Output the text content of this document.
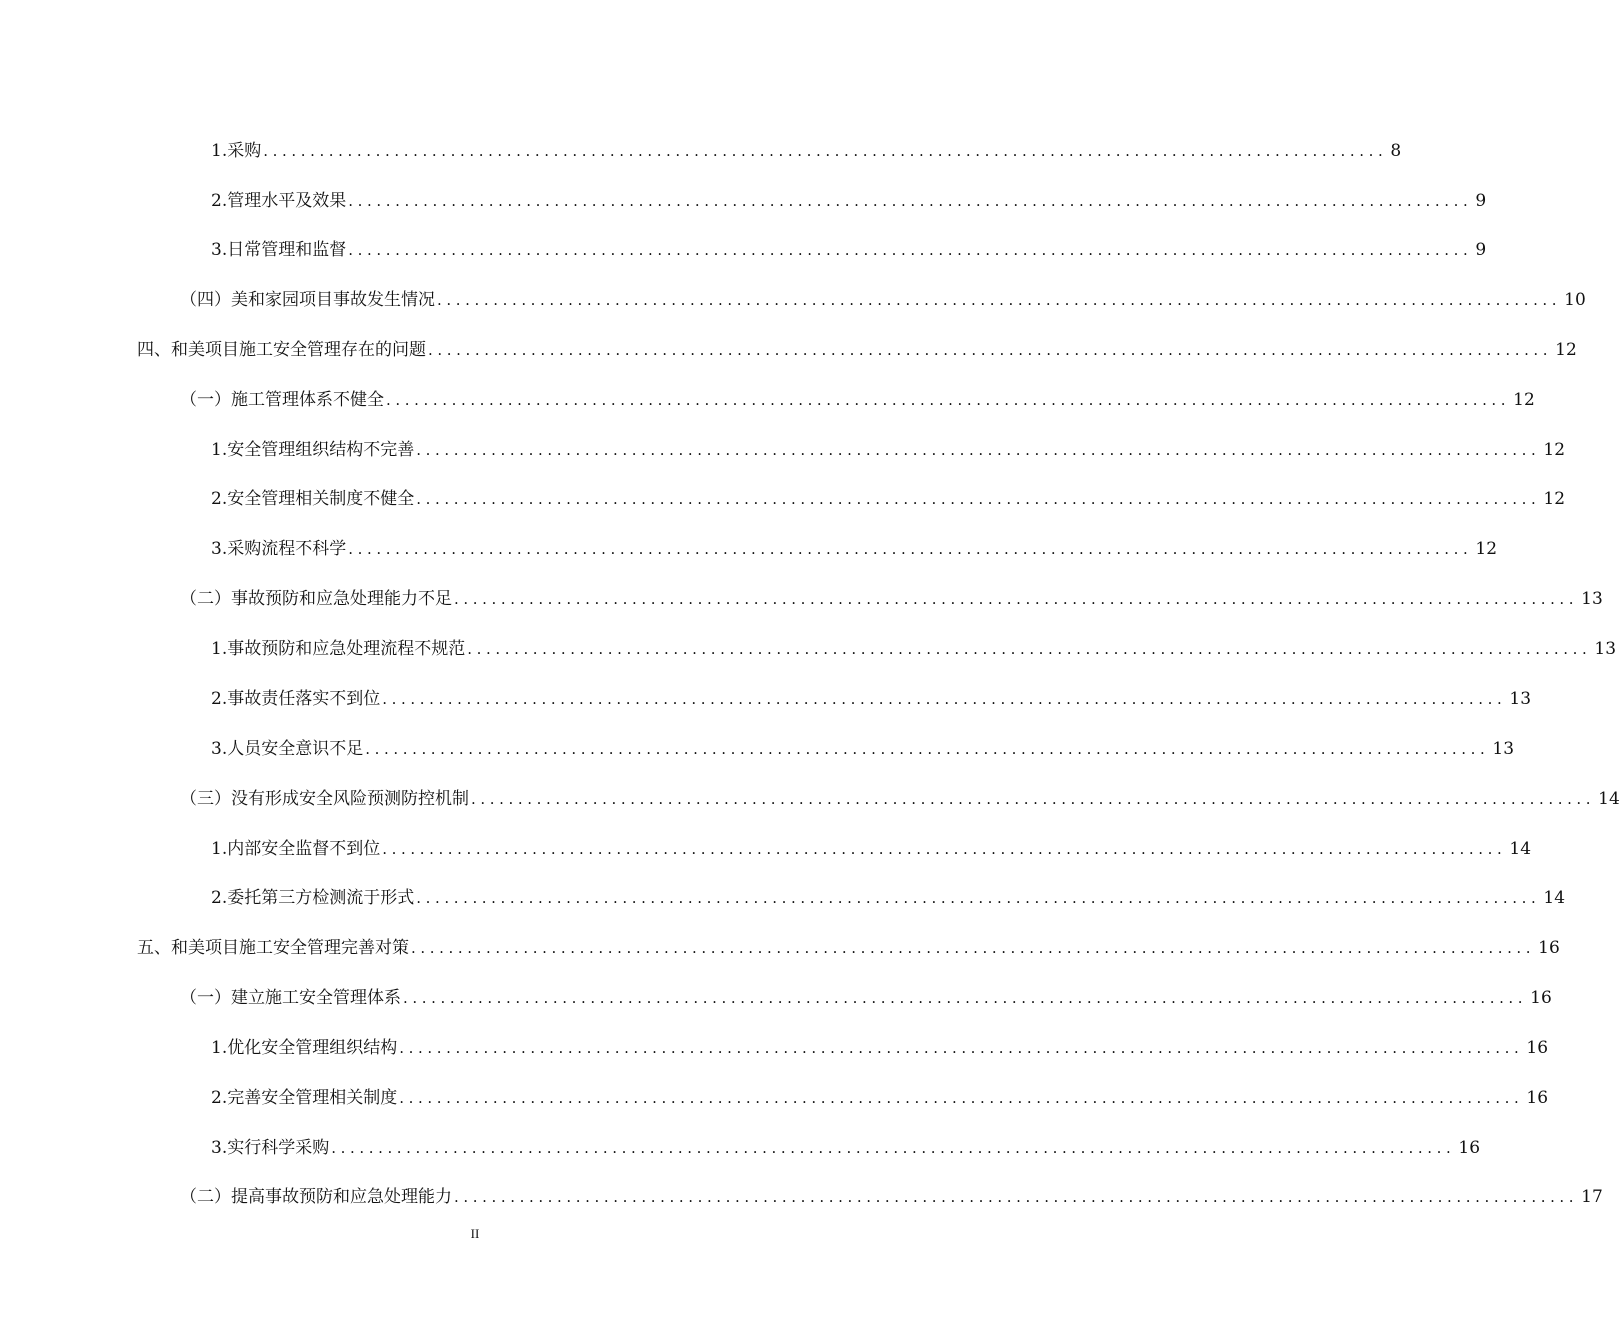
1.采购 ........................................................................................................................ 8
2.管理水平及效果 ........................................................................................................................ 9
3.日常管理和监督 ........................................................................................................................ 9
（四）美和家园项目事故发生情况 ........................................................................................................................ 10
四、和美项目施工安全管理存在的问题 ........................................................................................................................ 12
（一）施工管理体系不健全 ........................................................................................................................ 12
1.安全管理组织结构不完善 ........................................................................................................................ 12
2.安全管理相关制度不健全 ........................................................................................................................ 12
3.采购流程不科学 ........................................................................................................................ 12
（二）事故预防和应急处理能力不足 ........................................................................................................................ 13
1.事故预防和应急处理流程不规范 ........................................................................................................................ 13
2.事故责任落实不到位 ........................................................................................................................ 13
3.人员安全意识不足 ........................................................................................................................ 13
（三）没有形成安全风险预测防控机制 ........................................................................................................................ 14
1.内部安全监督不到位 ........................................................................................................................ 14
2.委托第三方检测流于形式 ........................................................................................................................ 14
五、和美项目施工安全管理完善对策 ........................................................................................................................ 16
（一）建立施工安全管理体系 ........................................................................................................................ 16
1.优化安全管理组织结构 ........................................................................................................................ 16
2.完善安全管理相关制度 ........................................................................................................................ 16
3.实行科学采购 ........................................................................................................................ 16
（二）提高事故预防和应急处理能力 ........................................................................................................................ 17
II
